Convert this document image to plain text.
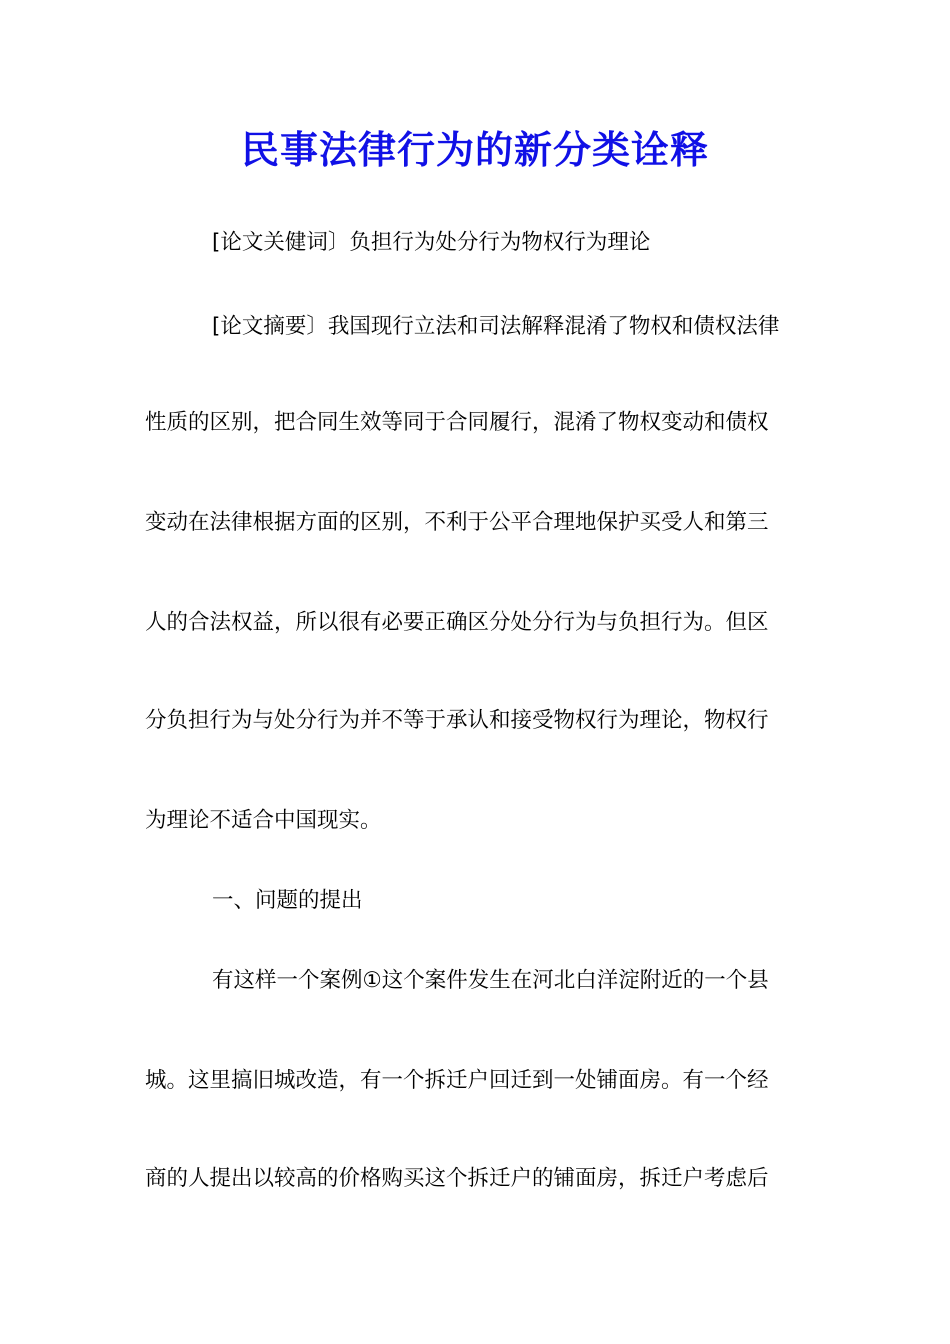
民事法律行为的新分类诠释
[论文关健词〕负担行为处分行为物权行为理论
[论文摘要〕我国现行立法和司法解释混淆了物权和债权法律
性质的区别，把合同生效等同于合同履行，混淆了物权变动和债权
变动在法律根据方面的区别，不利于公平合理地保护买受人和第三
人的合法权益，所以很有必要正确区分处分行为与负担行为。但区
分负担行为与处分行为并不等于承认和接受物权行为理论，物权行
为理论不适合中国现实。
一、问题的提出
有这样一个案例①这个案件发生在河北白洋淀附近的一个县
城。这里搞旧城改造，有一个拆迁户回迁到一处铺面房。有一个经
商的人提出以较高的价格购买这个拆迁户的铺面房，拆迁户考虑后
